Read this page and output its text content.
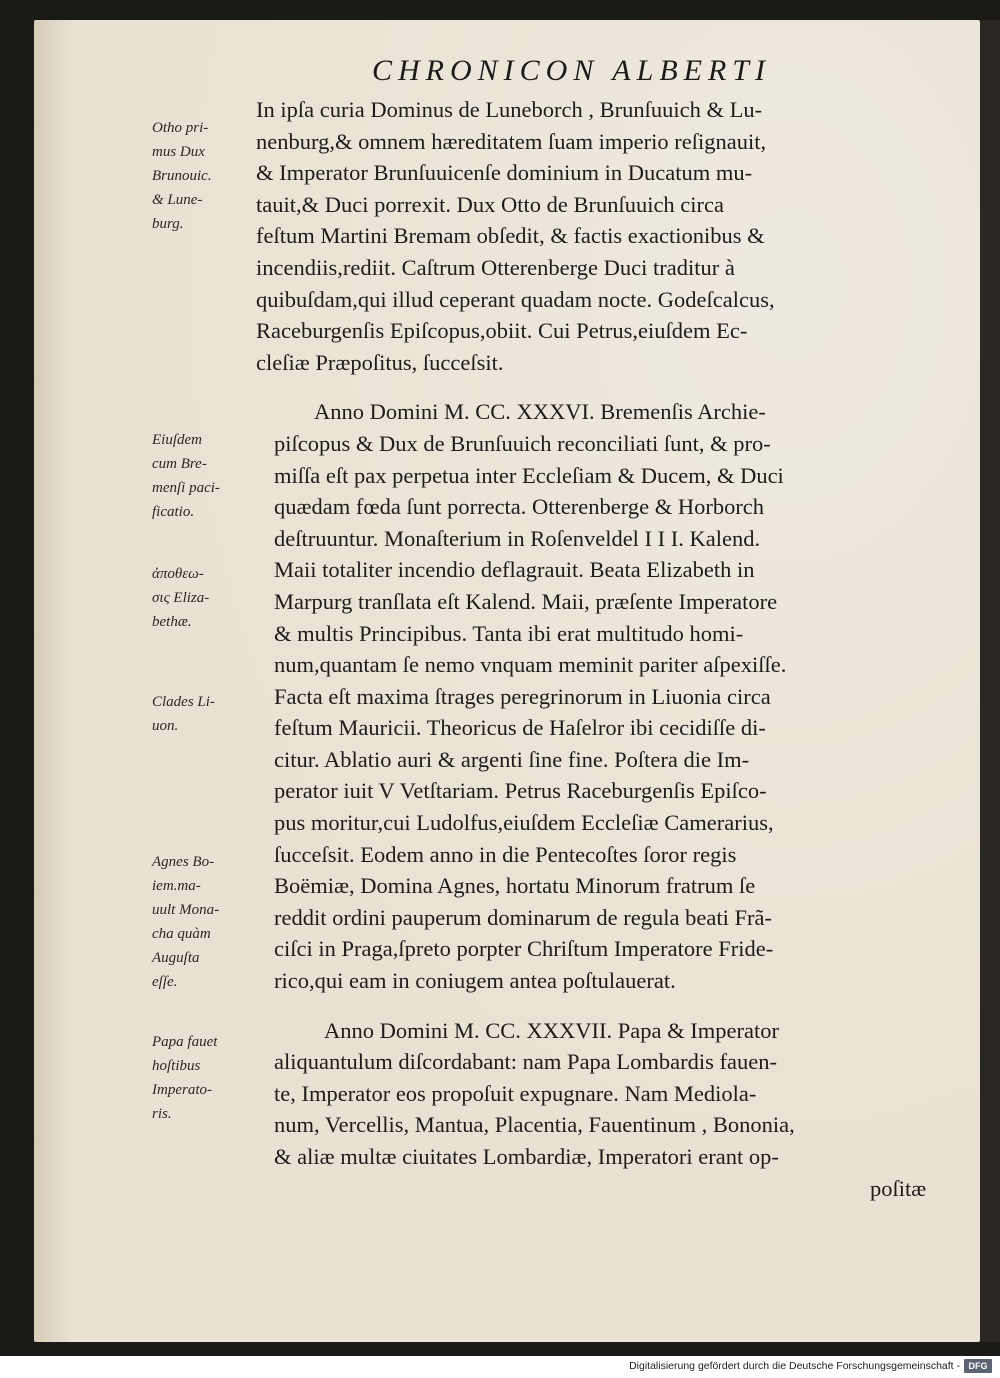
CHRONICON ALBERTI
In ipſa curia Dominus de Luneborch , Brunſuuich & Lu-
nenburg,& omnem hæreditatem ſuam imperio reſignauit,
& Imperator Brunſuuicenſe dominium in Ducatum mu-
tauit,& Duci porrexit. Dux Otto de Brunſuuich circa
feſtum Martini Bremam obſedit, & factis exactionibus &
incendiis,rediit. Caſtrum Otterenberge Duci traditur à
quibuſdam,qui illud ceperant quadam nocte. Godeſcalcus,
Raceburgenſis Epiſcopus,obiit. Cui Petrus,eiuſdem Ec-
cleſiæ Præpoſitus, ſucceſsit.
Anno Domini M. CC. XXXVI. Bremenſis Archie-
piſcopus & Dux de Brunſuuich reconciliati ſunt, & pro-
miſſa eſt pax perpetua inter Eccleſiam & Ducem, & Duci
quædam fœda ſunt porrecta. Otterenberge & Horborch
deſtruuntur. Monaſterium in Roſenveldel I I I. Kalend.
Maii totaliter incendio deflagrauit. Beata Elizabeth in
Marpurg tranſlata eſt Kalend. Maii, præſente Imperatore
& multis Principibus. Tanta ibi erat multitudo homi-
num,quantam ſe nemo vnquam meminit pariter aſpexiſſe.
Facta eſt maxima ſtrages peregrinorum in Liuonia circa
feſtum Mauricii. Theoricus de Haſelror ibi cecidiſſe di-
citur. Ablatio auri & argenti ſine fine. Poſtera die Im-
perator iuit V Vetſtariam. Petrus Raceburgenſis Epiſco-
pus moritur,cui Ludolfus,eiuſdem Eccleſiæ Camerarius,
ſucceſsit. Eodem anno in die Pentecoſtes ſoror regis
Boëmiæ, Domina Agnes, hortatu Minorum fratrum ſe
reddit ordini pauperum dominarum de regula beati Frã-
ciſci in Praga,ſpreto porpter Chriſtum Imperatore Fride-
rico,qui eam in coniugem antea poſtulauerat.
Anno Domini M. CC. XXXVII. Papa & Imperator
aliquantulum diſcordabant: nam Papa Lombardis fauen-
te, Imperator eos propoſuit expugnare. Nam Mediola-
num, Vercellis, Mantua, Placentia, Fauentinum , Bononia,
& aliæ multæ ciuitates Lombardiæ, Imperatori erant op-
poſitæ
Otho pri-
mus Dux
Brunouic.
& Lune-
burg.
Eiuſdem
cum Bre-
menſi paci-
ficatio.
ἀποθεω-
σις Eliza-
bethæ.
Clades Li-
uon.
Agnes Bo-
iem.ma-
uult Mona-
cha quàm
Auguſta
eſſe.
Papa fauet
hoſtibus
Imperato-
ris.
Digitalisierung gefördert durch die Deutsche Forschungsgemeinschaft - DFG
